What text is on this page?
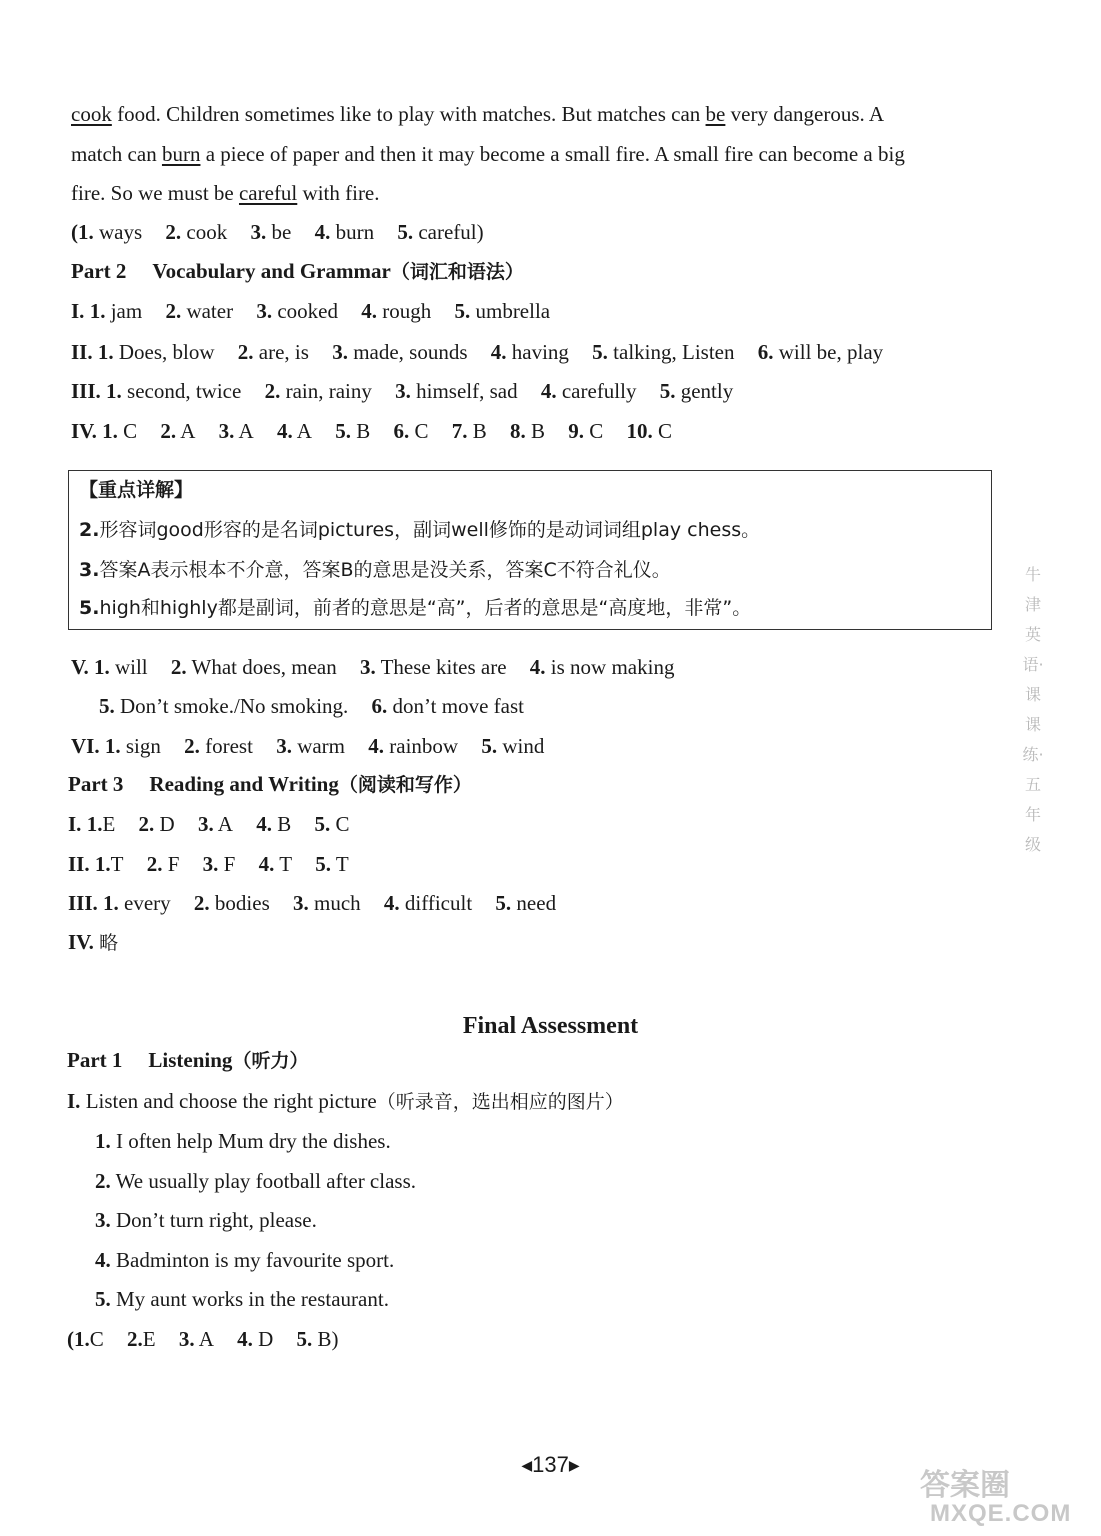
cook food. Children sometimes like to play with matches. But matches can be very dangerous. A
match can burn a piece of paper and then it may become a small fire. A small fire can become a big
fire. So we must be careful with fire.
(1. ways 2. cook 3. be 4. burn 5. careful)
Part 2 Vocabulary and Grammar（词汇和语法）
I. 1. jam 2. water 3. cooked 4. rough 5. umbrella
II. 1. Does, blow 2. are, is 3. made, sounds 4. having 5. talking, Listen 6. will be, play
III. 1. second, twice 2. rain, rainy 3. himself, sad 4. carefully 5. gently
IV. 1. C 2. A 3. A 4. A 5. B 6. C 7. B 8. B 9. C 10. C
【重点详解】
2.形容词good形容的是名词pictures，副词well修饰的是动词词组play chess。
3.答案A表示根本不介意，答案B的意思是没关系，答案C不符合礼仪。
5.high和highly都是副词，前者的意思是“高”，后者的意思是“高度地，非常”。
V. 1. will 2. What does, mean 3. These kites are 4. is now making
5. Don’t smoke./No smoking. 6. don’t move fast
VI. 1. sign 2. forest 3. warm 4. rainbow 5. wind
Part 3 Reading and Writing（阅读和写作）
I. 1.E 2. D 3. A 4. B 5. C
II. 1.T 2. F 3. F 4. T 5. T
III. 1. every 2. bodies 3. much 4. difficult 5. need
IV. 略
Final Assessment
Part 1 Listening（听力）
I. Listen and choose the right picture（听录音，选出相应的图片）
1. I often help Mum dry the dishes.
2. We usually play football after class.
3. Don’t turn right, please.
4. Badminton is my favourite sport.
5. My aunt works in the restaurant.
(1.C 2.E 3. A 4. D 5. B)
◀137▶
牛津英语·课课练·五年级
答案圈
MXQE.COM
